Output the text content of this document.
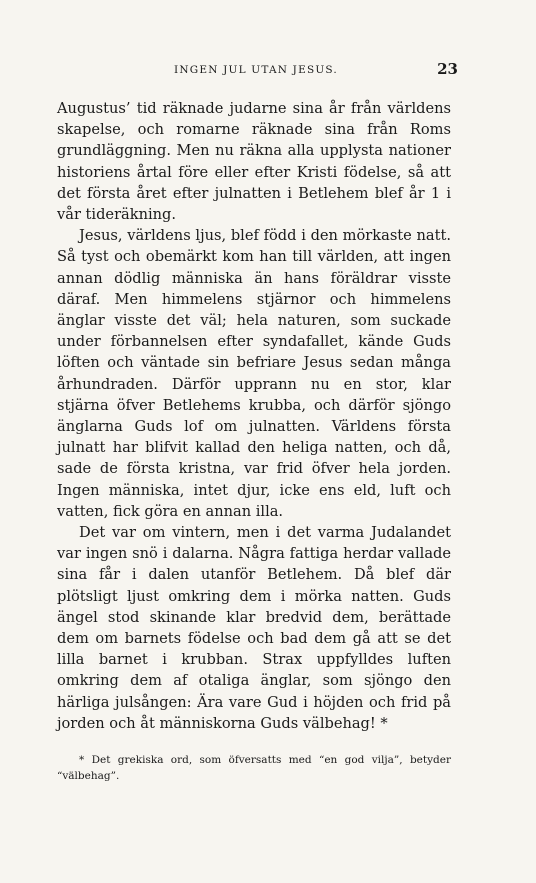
INGEN JUL UTAN JESUS.	23

Augustus’ tid räknade judarne sina år från världens skapelse, och romarne räknade sina från Roms grundläggning. Men nu räkna alla upplysta nationer historiens årtal före eller efter Kristi födelse, så att det första året efter julnatten i Betlehem blef år 1 i vår tideräkning.

Jesus, världens ljus, blef född i den mörkaste natt. Så tyst och obemärkt kom han till världen, att ingen annan dödlig människa än hans föräldrar visste däraf. Men himmelens stjärnor och himmelens änglar visste det väl; hela naturen, som suckade under förbannelsen efter syndafallet, kände Guds löften och väntade sin befriare Jesus sedan många århundraden. Därför upprann nu en stor, klar stjärna öfver Betlehems krubba, och därför sjöngo änglarna Guds lof om julnatten. Världens första julnatt har blifvit kallad den heliga natten, och då, sade de första kristna, var frid öfver hela jorden. Ingen människa, intet djur, icke ens eld, luft och vatten, fick göra en annan illa.

Det var om vintern, men i det varma Judalandet var ingen snö i dalarna. Några fattiga herdar vallade sina får i dalen utanför Betlehem. Då blef där plötsligt ljust omkring dem i mörka natten. Guds ängel stod skinande klar bredvid dem, berättade dem om barnets födelse och bad dem gå att se det lilla barnet i krubban. Strax uppfylldes luften omkring dem af otaliga änglar, som sjöngo den härliga julsången: Ära vare Gud i höjden och frid på jorden och åt människorna Guds välbehag! *

* Det grekiska ord, som öfversatts med “en god vilja”, betyder “välbehag”.
